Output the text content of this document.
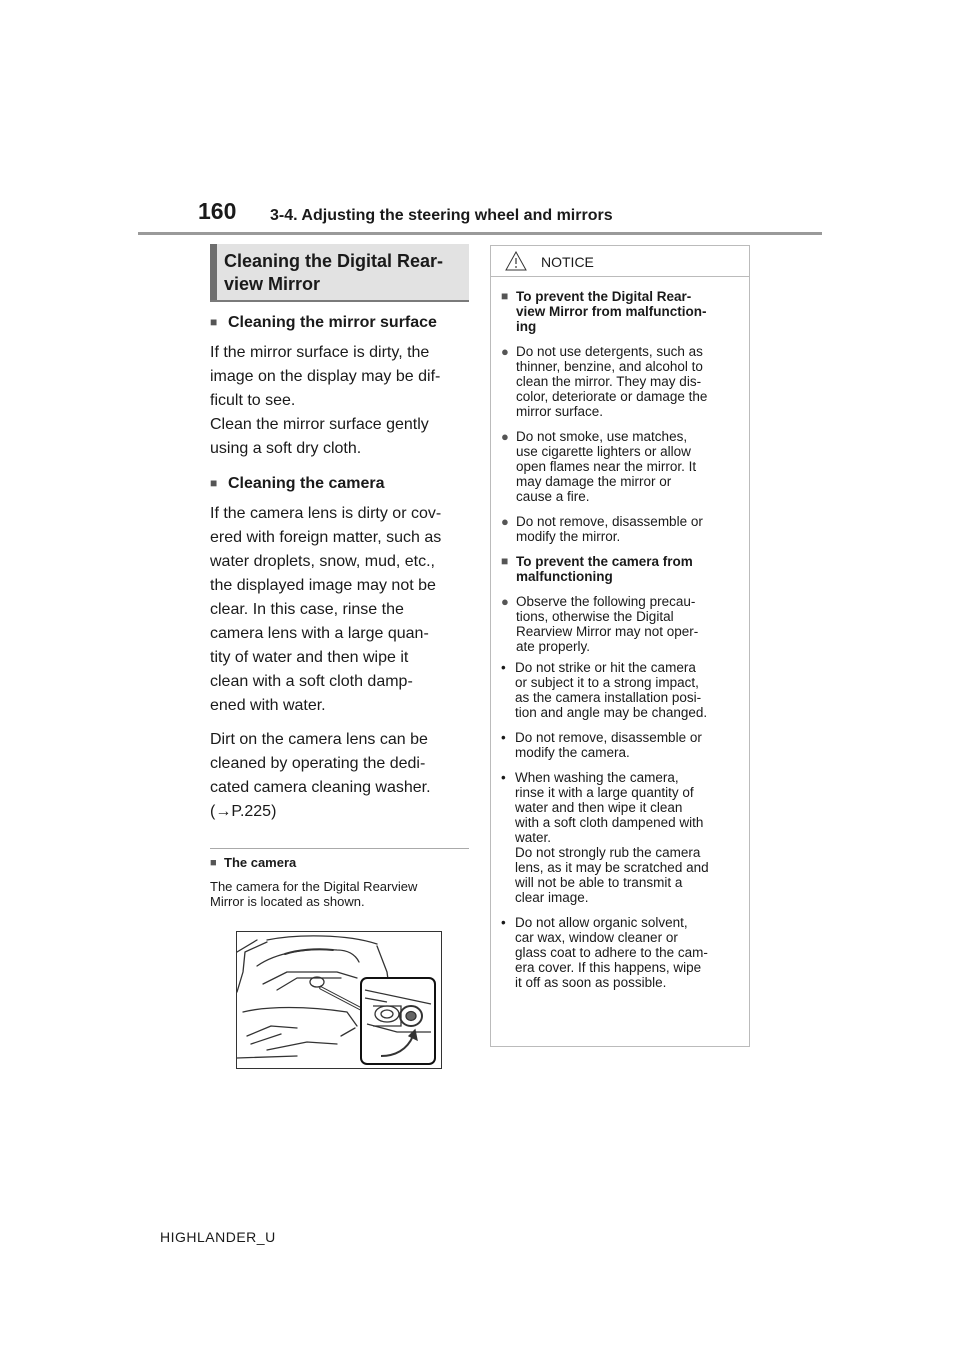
160 3-4. Adjusting the steering wheel and mirrors
Cleaning the Digital Rear-
view Mirror
■ Cleaning the mirror surface
If the mirror surface is dirty, the
image on the display may be dif-
ficult to see.
Clean the mirror surface gently
using a soft dry cloth.
■ Cleaning the camera
If the camera lens is dirty or cov-
ered with foreign matter, such as
water droplets, snow, mud, etc.,
the displayed image may not be
clear. In this case, rinse the
camera lens with a large quan-
tity of water and then wipe it
clean with a soft cloth damp-
ened with water.
Dirt on the camera lens can be
cleaned by operating the dedi-
cated camera cleaning washer.
(→P.225)
■ The camera
The camera for the Digital Rearview
Mirror is located as shown.
NOTICE
■ To prevent the Digital Rear-
view Mirror from malfunction-
ing
● Do not use detergents, such as
thinner, benzine, and alcohol to
clean the mirror. They may dis-
color, deteriorate or damage the
mirror surface.
● Do not smoke, use matches,
use cigarette lighters or allow
open flames near the mirror. It
may damage the mirror or
cause a fire.
● Do not remove, disassemble or
modify the mirror.
■ To prevent the camera from
malfunctioning
● Observe the following precau-
tions, otherwise the Digital
Rearview Mirror may not oper-
ate properly.
• Do not strike or hit the camera
or subject it to a strong impact,
as the camera installation posi-
tion and angle may be changed.
• Do not remove, disassemble or
modify the camera.
• When washing the camera,
rinse it with a large quantity of
water and then wipe it clean
with a soft cloth dampened with
water.
Do not strongly rub the camera
lens, as it may be scratched and
will not be able to transmit a
clear image.
• Do not allow organic solvent,
car wax, window cleaner or
glass coat to adhere to the cam-
era cover. If this happens, wipe
it off as soon as possible.
HIGHLANDER_U
